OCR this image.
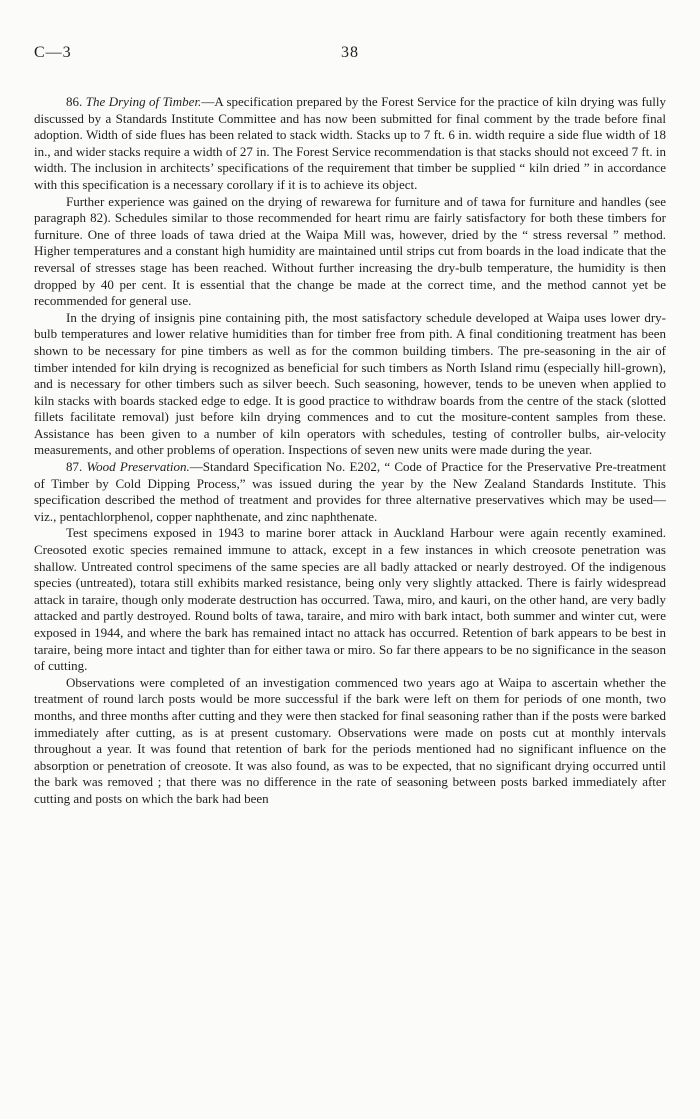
C—3	38

86. The Drying of Timber.—A specification prepared by the Forest Service for the practice of kiln drying was fully discussed by a Standards Institute Committee and has now been submitted for final comment by the trade before final adoption. Width of side flues has been related to stack width. Stacks up to 7 ft. 6 in. width require a side flue width of 18 in., and wider stacks require a width of 27 in. The Forest Service recommendation is that stacks should not exceed 7 ft. in width. The inclusion in architects’ specifications of the requirement that timber be supplied “ kiln dried ” in accordance with this specification is a necessary corollary if it is to achieve its object.

Further experience was gained on the drying of rewarewa for furniture and of tawa for furniture and handles (see paragraph 82). Schedules similar to those recommended for heart rimu are fairly satisfactory for both these timbers for furniture. One of three loads of tawa dried at the Waipa Mill was, however, dried by the “ stress reversal ” method. Higher temperatures and a constant high humidity are maintained until strips cut from boards in the load indicate that the reversal of stresses stage has been reached. Without further increasing the dry-bulb temperature, the humidity is then dropped by 40 per cent. It is essential that the change be made at the correct time, and the method cannot yet be recommended for general use.

In the drying of insignis pine containing pith, the most satisfactory schedule developed at Waipa uses lower dry-bulb temperatures and lower relative humidities than for timber free from pith. A final conditioning treatment has been shown to be necessary for pine timbers as well as for the common building timbers. The pre-seasoning in the air of timber intended for kiln drying is recognized as beneficial for such timbers as North Island rimu (especially hill-grown), and is necessary for other timbers such as silver beech. Such seasoning, however, tends to be uneven when applied to kiln stacks with boards stacked edge to edge. It is good practice to withdraw boards from the centre of the stack (slotted fillets facilitate removal) just before kiln drying commences and to cut the mositure-content samples from these. Assistance has been given to a number of kiln operators with schedules, testing of controller bulbs, air-velocity measurements, and other problems of operation. Inspections of seven new units were made during the year.

87. Wood Preservation.—Standard Specification No. E202, “ Code of Practice for the Preservative Pre-treatment of Timber by Cold Dipping Process,” was issued during the year by the New Zealand Standards Institute. This specification described the method of treatment and provides for three alternative preservatives which may be used—viz., pentachlorphenol, copper naphthenate, and zinc naphthenate.

Test specimens exposed in 1943 to marine borer attack in Auckland Harbour were again recently examined. Creosoted exotic species remained immune to attack, except in a few instances in which creosote penetration was shallow. Untreated control specimens of the same species are all badly attacked or nearly destroyed. Of the indigenous species (untreated), totara still exhibits marked resistance, being only very slightly attacked. There is fairly widespread attack in taraire, though only moderate destruction has occurred. Tawa, miro, and kauri, on the other hand, are very badly attacked and partly destroyed. Round bolts of tawa, taraire, and miro with bark intact, both summer and winter cut, were exposed in 1944, and where the bark has remained intact no attack has occurred. Retention of bark appears to be best in taraire, being more intact and tighter than for either tawa or miro. So far there appears to be no significance in the season of cutting.

Observations were completed of an investigation commenced two years ago at Waipa to ascertain whether the treatment of round larch posts would be more successful if the bark were left on them for periods of one month, two months, and three months after cutting and they were then stacked for final seasoning rather than if the posts were barked immediately after cutting, as is at present customary. Observations were made on posts cut at monthly intervals throughout a year. It was found that retention of bark for the periods mentioned had no significant influence on the absorption or penetration of creosote. It was also found, as was to be expected, that no significant drying occurred until the bark was removed ; that there was no difference in the rate of seasoning between posts barked immediately after cutting and posts on which the bark had been
